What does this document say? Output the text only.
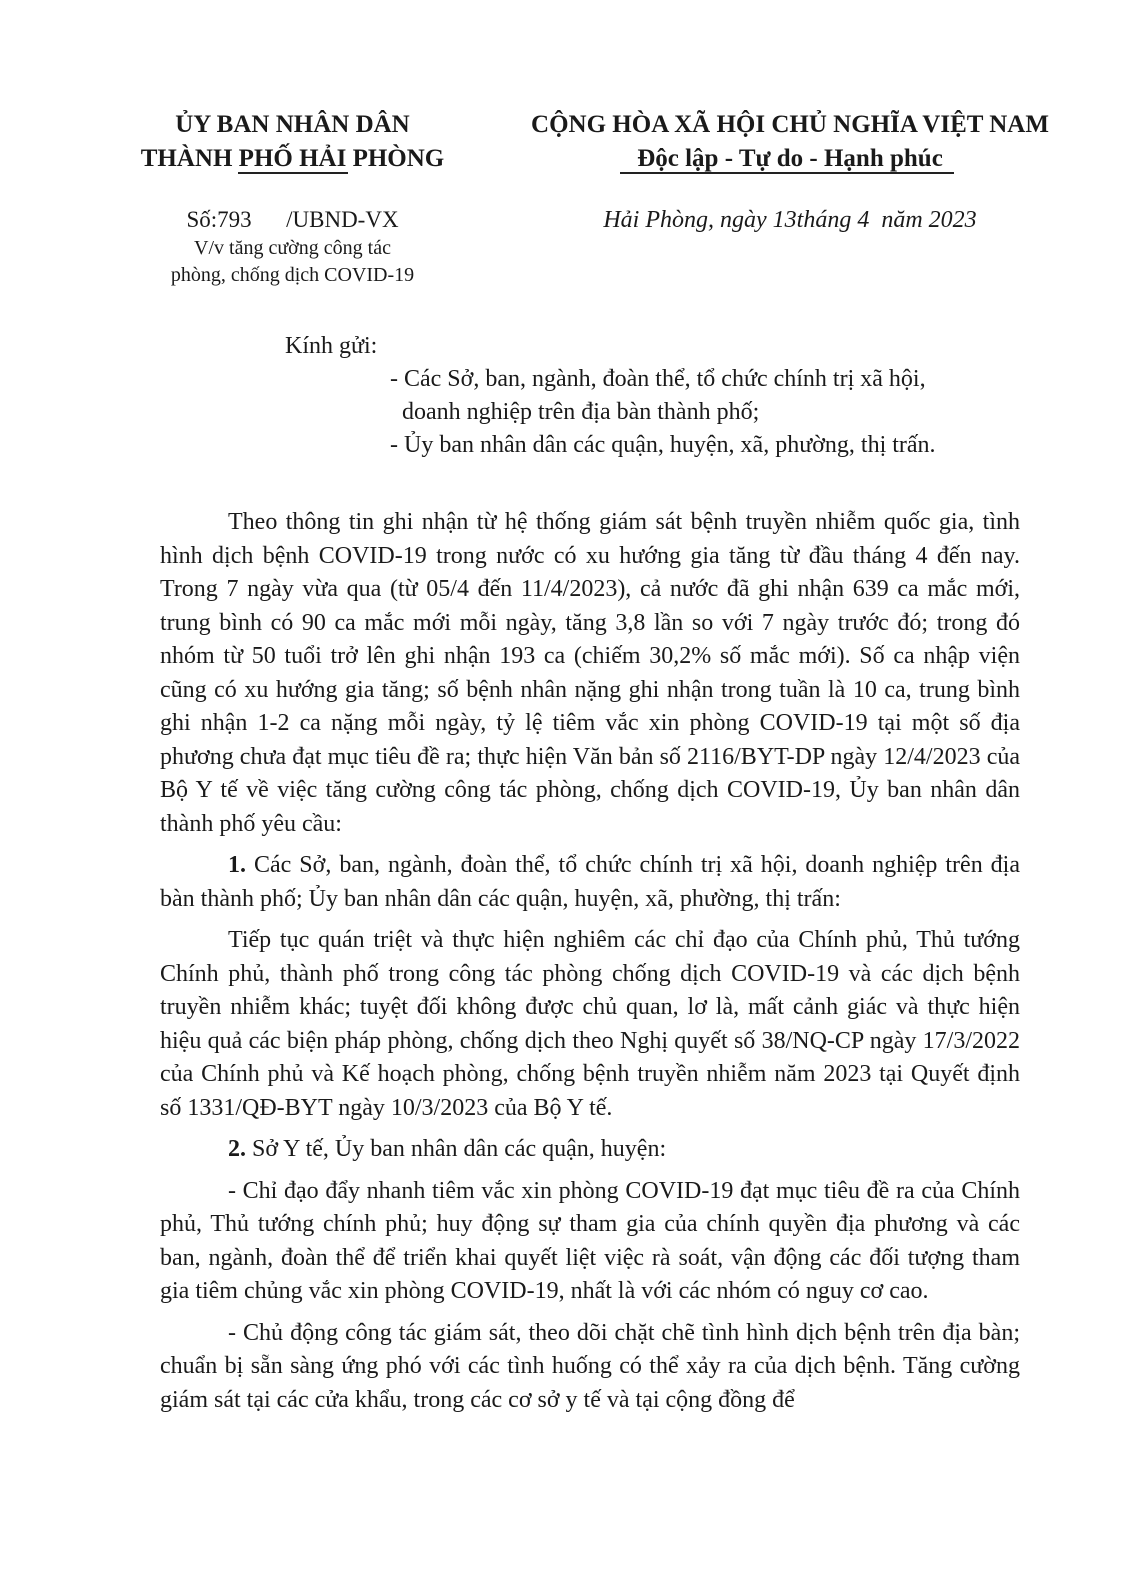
ỦY BAN NHÂN DÂN
THÀNH PHỐ HẢI PHÒNG
CỘNG HÒA XÃ HỘI CHỦ NGHĨA VIỆT NAM
Độc lập - Tự do - Hạnh phúc
Số:793      /UBND-VX
V/v tăng cường công tác
phòng, chống dịch COVID-19
Hải Phòng, ngày 13tháng 4  năm 2023
Kính gửi:
- Các Sở, ban, ngành, đoàn thể, tổ chức chính trị xã hội,
doanh nghiệp trên địa bàn thành phố;
- Ủy ban nhân dân các quận, huyện, xã, phường, thị trấn.

Theo thông tin ghi nhận từ hệ thống giám sát bệnh truyền nhiễm quốc gia, tình hình dịch bệnh COVID-19 trong nước có xu hướng gia tăng từ đầu tháng 4 đến nay. Trong 7 ngày vừa qua (từ 05/4 đến 11/4/2023), cả nước đã ghi nhận 639 ca mắc mới, trung bình có 90 ca mắc mới mỗi ngày, tăng 3,8 lần so với 7 ngày trước đó; trong đó nhóm từ 50 tuổi trở lên ghi nhận 193 ca (chiếm 30,2% số mắc mới). Số ca nhập viện cũng có xu hướng gia tăng; số bệnh nhân nặng ghi nhận trong tuần là 10 ca, trung bình ghi nhận 1-2 ca nặng mỗi ngày, tỷ lệ tiêm vắc xin phòng COVID-19 tại một số địa phương chưa đạt mục tiêu đề ra; thực hiện Văn bản số 2116/BYT-DP ngày 12/4/2023 của Bộ Y tế về việc tăng cường công tác phòng, chống dịch COVID-19, Ủy ban nhân dân thành phố yêu cầu:

1. Các Sở, ban, ngành, đoàn thể, tổ chức chính trị xã hội, doanh nghiệp trên địa bàn thành phố; Ủy ban nhân dân các quận, huyện, xã, phường, thị trấn:

Tiếp tục quán triệt và thực hiện nghiêm các chỉ đạo của Chính phủ, Thủ tướng Chính phủ, thành phố trong công tác phòng chống dịch COVID-19 và các dịch bệnh truyền nhiễm khác; tuyệt đối không được chủ quan, lơ là, mất cảnh giác và thực hiện hiệu quả các biện pháp phòng, chống dịch theo Nghị quyết số 38/NQ-CP ngày 17/3/2022 của Chính phủ và Kế hoạch phòng, chống bệnh truyền nhiễm năm 2023 tại Quyết định số 1331/QĐ-BYT ngày 10/3/2023 của Bộ Y tế.

2. Sở Y tế, Ủy ban nhân dân các quận, huyện:

- Chỉ đạo đẩy nhanh tiêm vắc xin phòng COVID-19 đạt mục tiêu đề ra của Chính phủ, Thủ tướng chính phủ; huy động sự tham gia của chính quyền địa phương và các ban, ngành, đoàn thể để triển khai quyết liệt việc rà soát, vận động các đối tượng tham gia tiêm chủng vắc xin phòng COVID-19, nhất là với các nhóm có nguy cơ cao.

- Chủ động công tác giám sát, theo dõi chặt chẽ tình hình dịch bệnh trên địa bàn; chuẩn bị sẵn sàng ứng phó với các tình huống có thể xảy ra của dịch bệnh. Tăng cường giám sát tại các cửa khẩu, trong các cơ sở y tế và tại cộng đồng để
